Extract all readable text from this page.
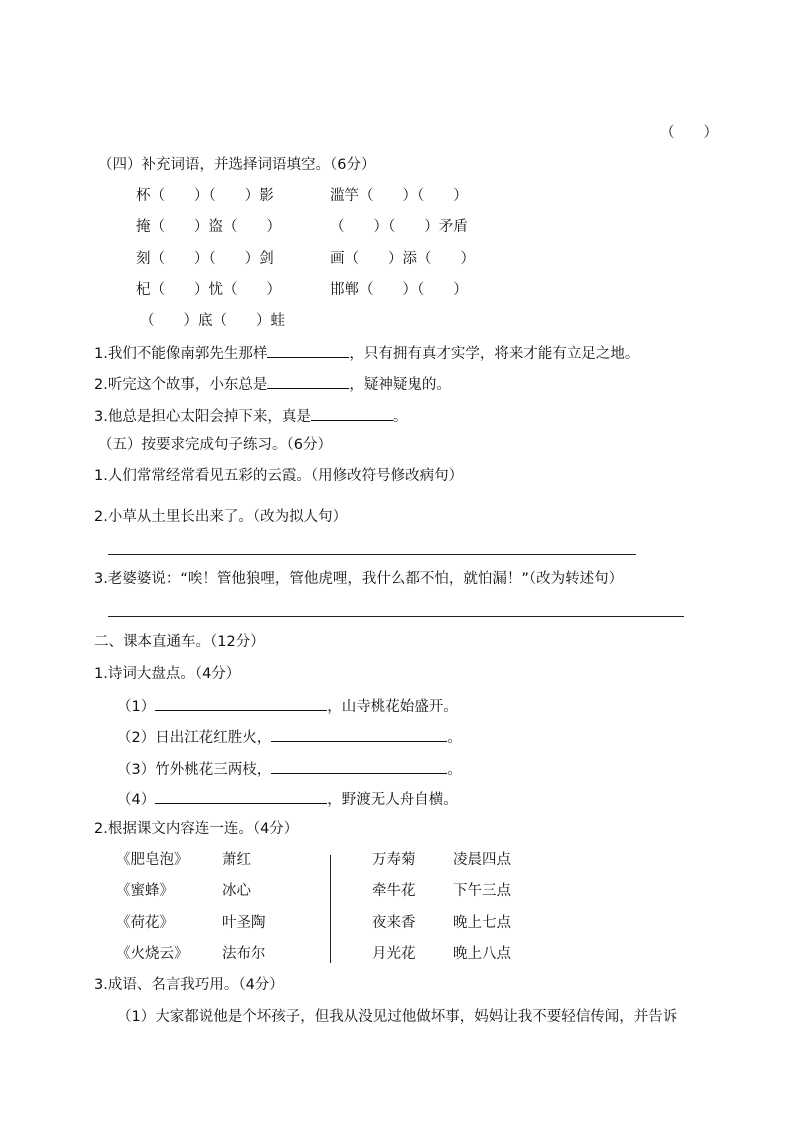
（　　）
（四）补充词语，并选择词语填空。（6分）
杯（　　）（　　）影	滥竽（　　）（　　）
掩（　　）盗（　　）	（　　）（　　）矛盾
刻（　　）（　　）剑	画（　　）添（　　）
杞（　　）忧（　　）	邯郸（　　）（　　）
（　　）底（　　）蛙
1.我们不能像南郭先生那样	，只有拥有真才实学，将来才能有立足之地。
2.听完这个故事，小东总是	，疑神疑鬼的。
3.他总是担心太阳会掉下来，真是	。
（五）按要求完成句子练习。（6分）
1.人们常常经常看见五彩的云霞。（用修改符号修改病句）
2.小草从土里长出来了。（改为拟人句）
3.老婆婆说：“唉！管他狼哩，管他虎哩，我什么都不怕，就怕漏！”（改为转述句）
二、课本直通车。（12分）
1.诗词大盘点。（4分）
（1）	，山寺桃花始盛开。
（2）日出江花红胜火，	。
（3）竹外桃花三两枝，	。
（4）	，野渡无人舟自横。
2.根据课文内容连一连。（4分）
《肥皂泡》 萧红
《蜜蜂》	冰心
《荷花》	叶圣陶
《火烧云》 法布尔
万寿菊	凌晨四点
牵牛花	下午三点
夜来香	晚上七点
月光花	晚上八点
3.成语、名言我巧用。（4分）
（1）大家都说他是个坏孩子，但我从没见过他做坏事，妈妈让我不要轻信传闻，并告诉
